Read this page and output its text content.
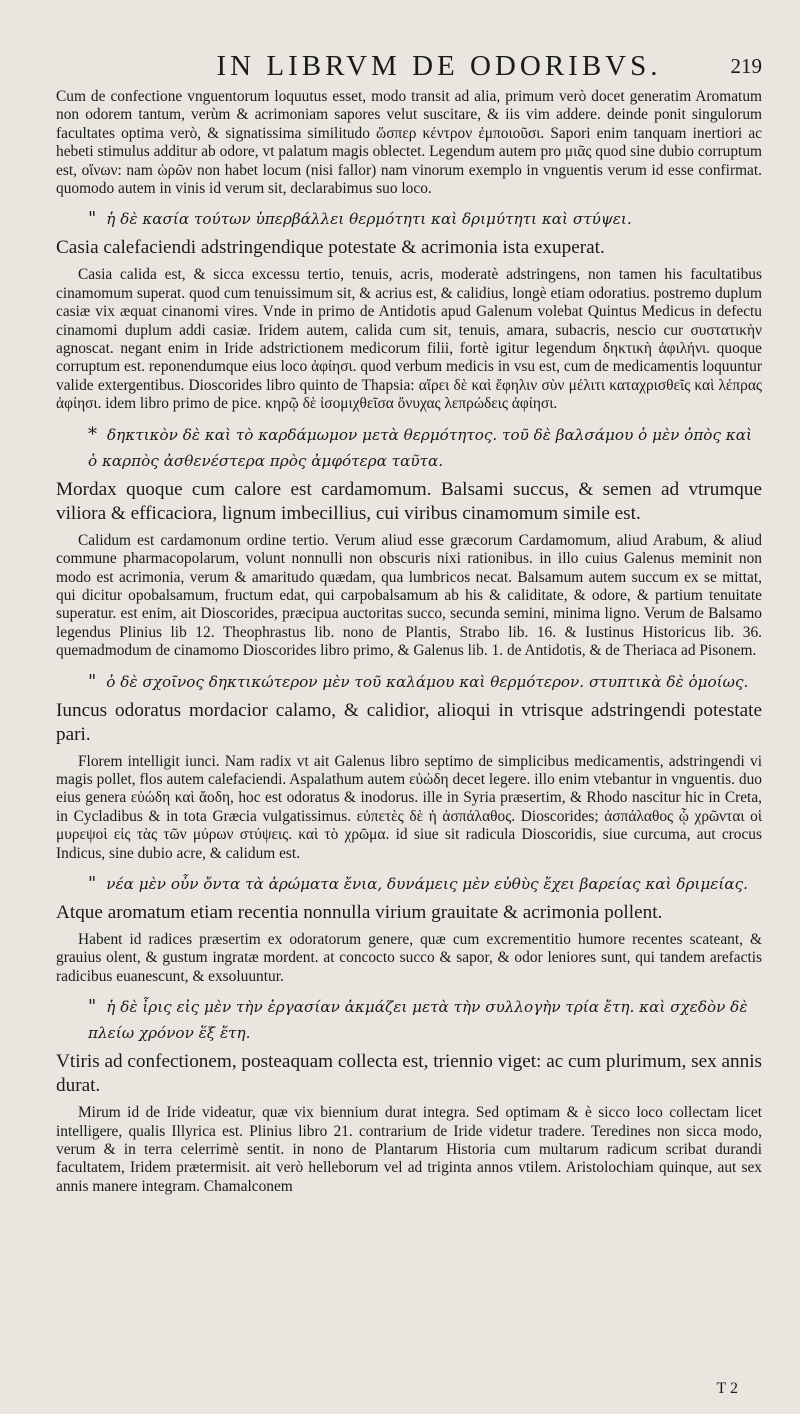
IN LIBRVM DE ODORIBVS.	219

Cum de confectione vnguentorum loquutus esset, modo transit ad alia, primum verò docet generatim Aromatum non odorem tantum, verùm & acrimoniam sapores velut suscitare, & iis vim addere. deinde ponit singulorum facultates optima verò, & signatissima similitudo ὥσπερ κέντρον ἐμποιοῦσι. Sapori enim tanquam inertiori ac hebeti stimulus additur ab odore, vt palatum magis oblectet. Legendum autem pro μιᾶς quod sine dubio corruptum est, οἴνων: nam ὠρῶν non habet locum (nisi fallor) nam vinorum exemplo in vnguentis verum id esse confirmat. quomodo autem in vinis id verum sit, declarabimus suo loco.

" ἡ δὲ κασία τούτων ὑπερβάλλει θερμότητι καὶ δριμύτητι καὶ στύψει.
Casia calefaciendi adstringendique potestate & acrimonia ista exuperat.

Casia calida est, & sicca excessu tertio, tenuis, acris, moderatè adstringens, non tamen his facultatibus cinamomum superat. quod cum tenuissimum sit, & acrius est, & calidius, longè etiam odoratius. postremo duplum casiæ vix æquat cinanomi vires. Vnde in primo de Antidotis apud Galenum volebat Quintus Medicus in defectu cinamomi duplum addi casiæ. Iridem autem, calida cum sit, tenuis, amara, subacris, nescio cur συστατικὴν agnoscat. negant enim in Iride adstrictionem medicorum filii, fortè igitur legendum δηκτικὴ ἀφιλήνι. quoque corruptum est. reponendumque eius loco ἀφίησι. quod verbum medicis in vsu est, cum de medicamentis loquuntur valide extergentibus. Dioscorides libro quinto de Thapsia: αἴρει δὲ καὶ ἔφηλιν σὺν μέλιτι καταχρισθεῖς καὶ λέπρας ἀφίησι. idem libro primo de pice. κηρῷ δὲ ἰσομιχθεῖσα ὄνυχας λεπρώδεις ἀφίησι.

* δηκτικὸν δὲ καὶ τὸ καρδάμωμον μετὰ θερμότητος. τοῦ δὲ βαλσάμου ὁ μὲν ὀπὸς καὶ ὁ καρπὸς ἀσθενέστερα πρὸς ἀμφότερα ταῦτα.
Mordax quoque cum calore est cardamomum. Balsami succus, & semen ad vtrumque viliora & efficaciora, lignum imbecillius, cui viribus cinamomum simile est.

Calidum est cardamonum ordine tertio. Verum aliud esse græcorum Cardamomum, aliud Arabum, & aliud commune pharmacopolarum, volunt nonnulli non obscuris nixi rationibus. in illo cuius Galenus meminit non modo est acrimonia, verum & amaritudo quædam, qua lumbricos necat. Balsamum autem succum ex se mittat, qui dicitur opobalsamum, fructum edat, qui carpobalsamum ab his & caliditate, & odore, & partium tenuitate superatur. est enim, ait Dioscorides, præcipua auctoritas succo, secunda semini, minima ligno. Verum de Balsamo legendus Plinius lib 12. Theophrastus lib. nono de Plantis, Strabo lib. 16. & Iustinus Historicus lib. 36. quemadmodum de cinamomo Dioscorides libro primo, & Galenus lib. 1. de Antidotis, & de Theriaca ad Pisonem.

" ὁ δὲ σχοῖνος δηκτικώτερον μὲν τοῦ καλάμου καὶ θερμότερον. στυπτικὰ δὲ ὁμοίως.
Iuncus odoratus mordacior calamo, & calidior, alioqui in vtrisque adstringendi potestate pari.

Florem intelligit iunci. Nam radix vt ait Galenus libro septimo de simplicibus medicamentis, adstringendi vi magis pollet, flos autem calefaciendi. Aspalathum autem εὐώδη decet legere. illo enim vtebantur in vnguentis. duo eius genera εὐώδη καὶ ἄοδη, hoc est odoratus & inodorus. ille in Syria præsertim, & Rhodo nascitur hic in Creta, in Cycladibus & in tota Græcia vulgatissimus. εὐπετὲς δὲ ἡ ἀσπάλαθος. Dioscorides; ἀσπάλαθος ᾧ χρῶνται οἱ μυρεψοὶ εἰς τὰς τῶν μύρων στύψεις. καὶ τὸ χρῶμα. id siue sit radicula Dioscoridis, siue curcuma, aut crocus Indicus, sine dubio acre, & calidum est.

" νέα μὲν οὖν ὄντα τὰ ἀρώματα ἔνια, δυνάμεις μὲν εὐθὺς ἔχει βαρείας καὶ δριμείας.
Atque aromatum etiam recentia nonnulla virium grauitate & acrimonia pollent.

Habent id radices præsertim ex odoratorum genere, quæ cum excrementitio humore recentes scateant, & grauius olent, & gustum ingratæ mordent. at concocto succo & sapor, & odor leniores sunt, qui tandem arefactis radicibus euanescunt, & exsoluuntur.

" ἡ δὲ ἶρις εἰς μὲν τὴν ἐργασίαν ἀκμάζει μετὰ τὴν συλλογὴν τρία ἔτη. καὶ σχεδὸν δὲ πλείω χρόνον ἕξ ἔτη.
Vtiris ad confectionem, posteaquam collecta est, triennio viget: ac cum plurimum, sex annis durat.

Mirum id de Iride videatur, quæ vix biennium durat integra. Sed optimam & è sicco loco collectam licet intelligere, qualis Illyrica est. Plinius libro 21. contrarium de Iride videtur tradere. Teredines non sicca modo, verum & in terra celerrimè sentit. in nono de Plantarum Historia cum multarum radicum scribat durandi facultatem, Iridem prætermisit. ait verò helleborum vel ad triginta annos vtilem. Aristolochiam quinque, aut sex annis manere integram. Chamalconem

T 2
